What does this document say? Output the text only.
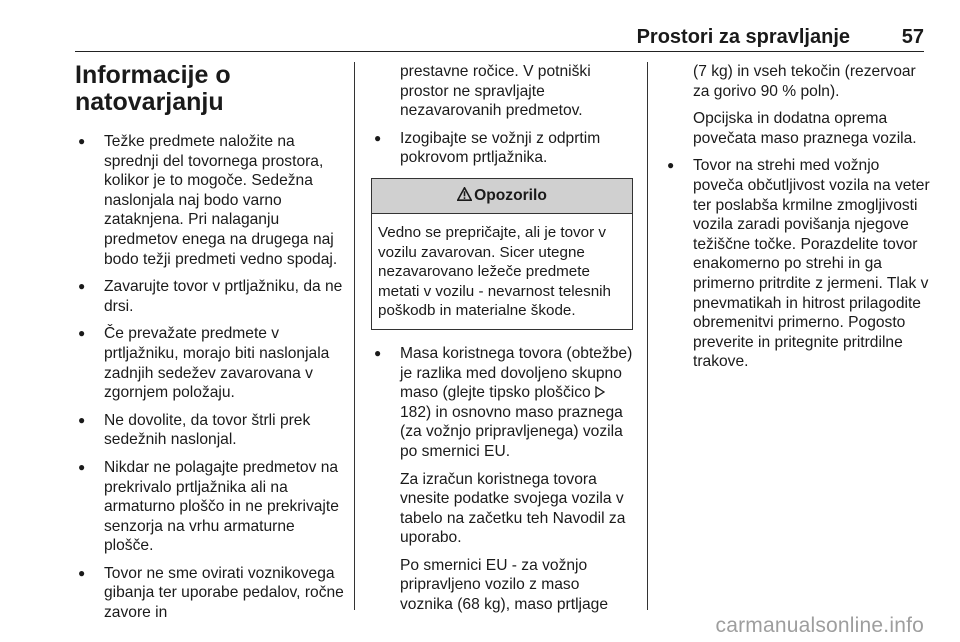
Prostori za spravljanje	57
Informacije o
natovarjanju
● Težke predmete naložite na sprednji del tovornega prostora, kolikor je to mogoče. Sedežna naslonjala naj bodo varno zataknjena. Pri nalaganju predmetov enega na drugega naj bodo težji predmeti vedno spodaj.
● Zavarujte tovor v prtljažniku, da ne drsi.
● Če prevažate predmete v prtljažniku, morajo biti naslonjala zadnjih sedežev zavarovana v zgornjem položaju.
● Ne dovolite, da tovor štrli prek sedežnih naslonjal.
● Nikdar ne polagajte predmetov na prekrivalo prtljažnika ali na armaturno ploščo in ne prekrivajte senzorja na vrhu armaturne plošče.
● Tovor ne sme ovirati voznikovega gibanja ter uporabe pedalov, ročne zavore in
prestavne ročice. V potniški prostor ne spravljajte nezavarovanih predmetov.
● Izogibajte se vožnji z odprtim pokrovom prtljažnika.
Opozorilo
Vedno se prepričajte, ali je tovor v vozilu zavarovan. Sicer utegne nezavarovano ležeče predmete metati v vozilu - nevarnost telesnih poškodb in materialne škode.
● Masa koristnega tovora (obtežbe) je razlika med dovoljeno skupno maso (glejte tipsko ploščico  182) in osnovno maso praznega (za vožnjo pripravljenega) vozila po smernici EU.
Za izračun koristnega tovora vnesite podatke svojega vozila v tabelo na začetku teh Navodil za uporabo.
Po smernici EU - za vožnjo pripravljeno vozilo z maso voznika (68 kg), maso prtljage
(7 kg) in vseh tekočin (rezervoar za gorivo 90 % poln).
Opcijska in dodatna oprema povečata maso praznega vozila.
● Tovor na strehi med vožnjo poveča občutljivost vozila na veter ter poslabša krmilne zmogljivosti vozila zaradi povišanja njegove težiščne točke. Porazdelite tovor enakomerno po strehi in ga primerno pritrdite z jermeni. Tlak v pnevmatikah in hitrost prilagodite obremenitvi primerno. Pogosto preverite in pritegnite pritrdilne trakove.
carmanualsonline.info
